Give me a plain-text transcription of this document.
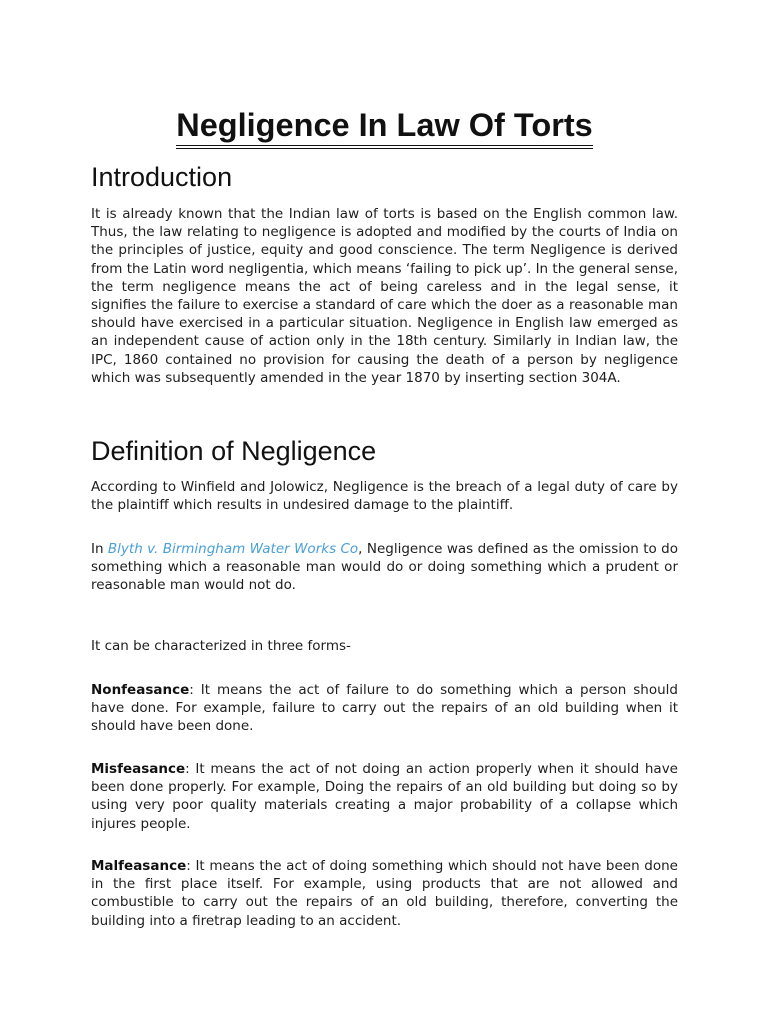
Negligence In Law Of Torts
Introduction

It is already known that the Indian law of torts is based on the English common law. Thus, the law relating to negligence is adopted and modified by the courts of India on the principles of justice, equity and good conscience. The term Negligence is derived from the Latin word negligentia, which means ‘failing to pick up’. In the general sense, the term negligence means the act of being careless and in the legal sense, it signifies the failure to exercise a standard of care which the doer as a reasonable man should have exercised in a particular situation. Negligence in English law emerged as an independent cause of action only in the 18th century. Similarly in Indian law, the IPC, 1860 contained no provision for causing the death of a person by negligence which was subsequently amended in the year 1870 by inserting section 304A.

Definition of Negligence

According to Winfield and Jolowicz, Negligence is the breach of a legal duty of care by the plaintiff which results in undesired damage to the plaintiff.

In Blyth v. Birmingham Water Works Co, Negligence was defined as the omission to do something which a reasonable man would do or doing something which a prudent or reasonable man would not do.

It can be characterized in three forms-

Nonfeasance: It means the act of failure to do something which a person should have done. For example, failure to carry out the repairs of an old building when it should have been done.

Misfeasance: It means the act of not doing an action properly when it should have been done properly. For example, Doing the repairs of an old building but doing so by using very poor quality materials creating a major probability of a collapse which injures people.

Malfeasance: It means the act of doing something which should not have been done in the first place itself. For example, using products that are not allowed and combustible to carry out the repairs of an old building, therefore, converting the building into a firetrap leading to an accident.
